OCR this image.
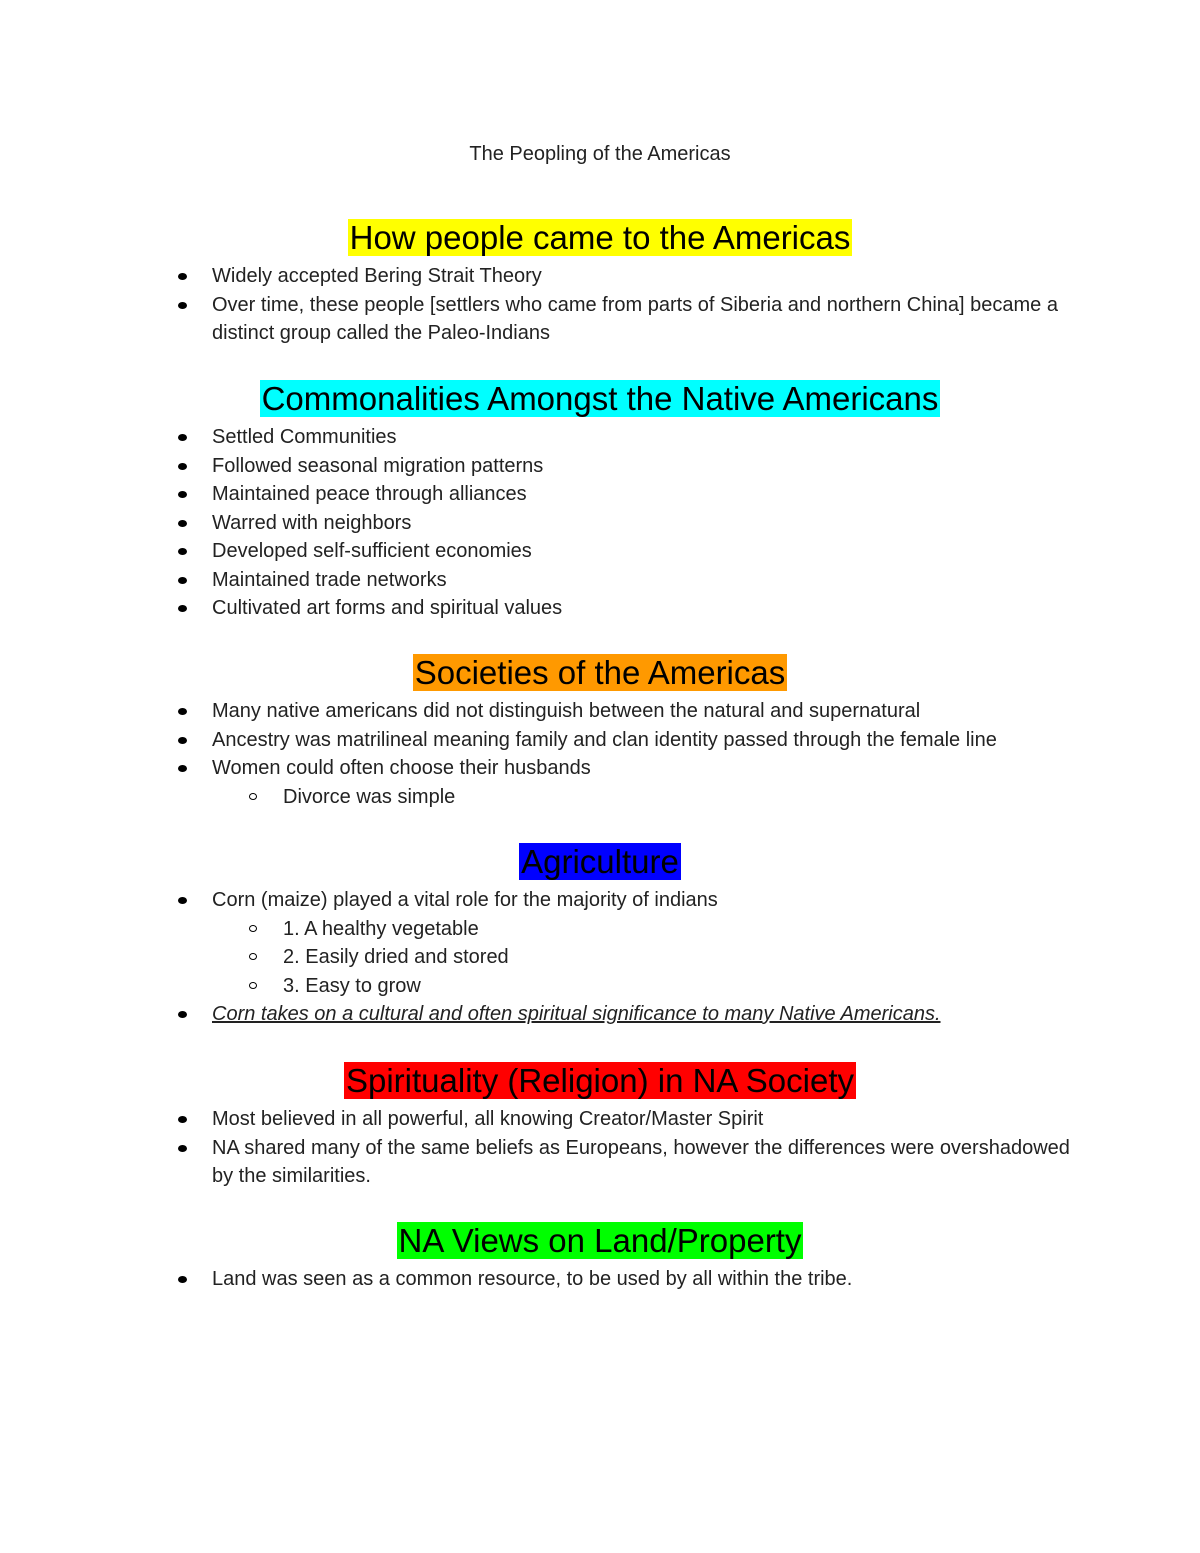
The Peopling of the Americas
How people came to the Americas
Widely accepted Bering Strait Theory
Over time, these people [settlers who came from parts of Siberia and northern China] became a distinct group called the Paleo-Indians
Commonalities Amongst the Native Americans
Settled Communities
Followed seasonal migration patterns
Maintained peace through alliances
Warred with neighbors
Developed self-sufficient economies
Maintained trade networks
Cultivated art forms and spiritual values
Societies of the Americas
Many native americans did not distinguish between the natural and supernatural
Ancestry was matrilineal meaning family and clan identity passed through the female line
Women could often choose their husbands
Divorce was simple
Agriculture
Corn (maize) played a vital role for the majority of indians
1. A healthy vegetable
2. Easily dried and stored
3. Easy to grow
Corn takes on a cultural and often spiritual significance to many Native Americans.
Spirituality (Religion) in NA Society
Most believed in all powerful, all knowing Creator/Master Spirit
NA shared many of the same beliefs as Europeans, however the differences were overshadowed by the similarities.
NA Views on Land/Property
Land was seen as a common resource, to be used by all within the tribe.
